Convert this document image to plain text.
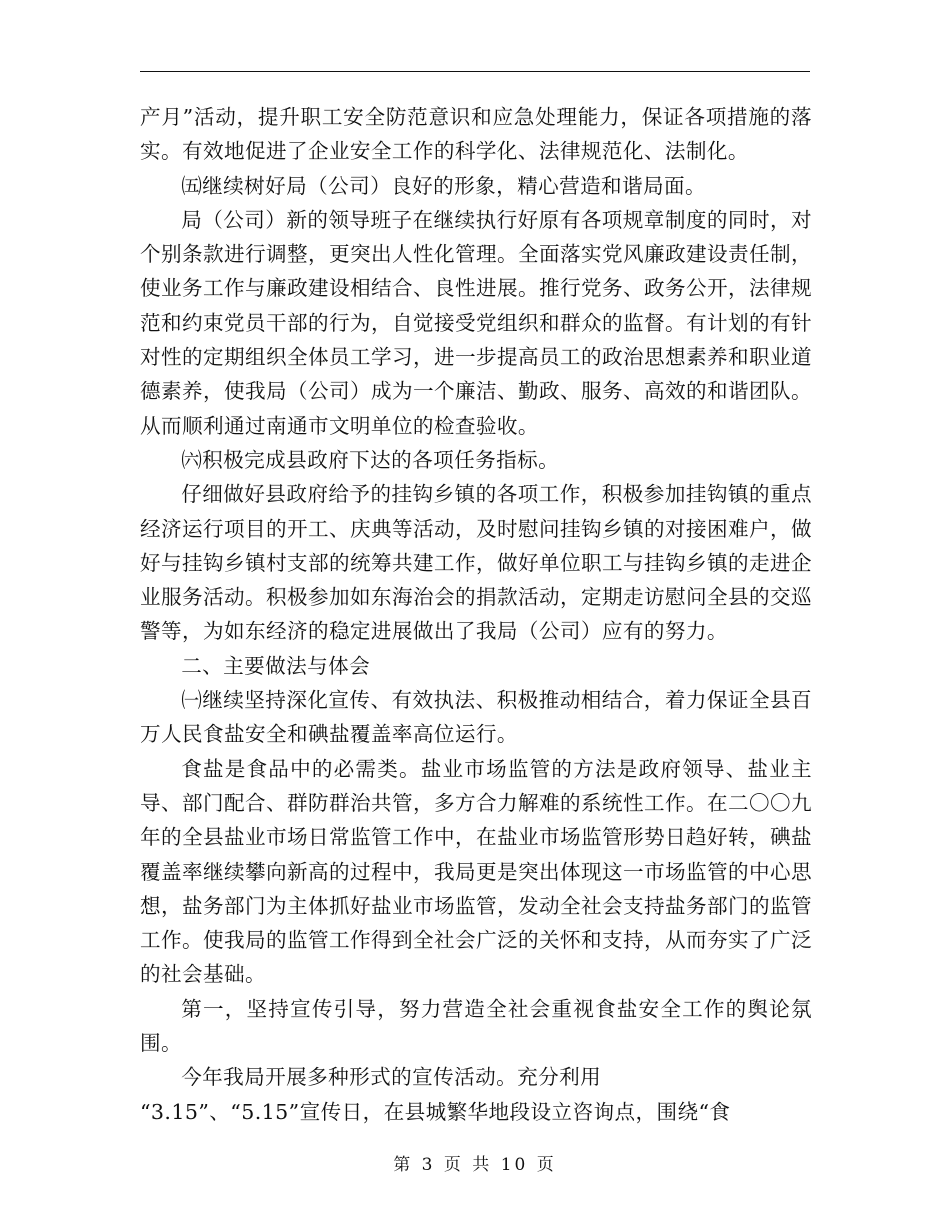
产月”活动，提升职工安全防范意识和应急处理能力，保证各项措施的落实。有效地促进了企业安全工作的科学化、法律规范化、法制化。

㈤继续树好局（公司）良好的形象，精心营造和谐局面。

局（公司）新的领导班子在继续执行好原有各项规章制度的同时，对个别条款进行调整，更突出人性化管理。全面落实党风廉政建设责任制，使业务工作与廉政建设相结合、良性进展。推行党务、政务公开，法律规范和约束党员干部的行为，自觉接受党组织和群众的监督。有计划的有针对性的定期组织全体员工学习，进一步提高员工的政治思想素养和职业道德素养，使我局（公司）成为一个廉洁、勤政、服务、高效的和谐团队。从而顺利通过南通市文明单位的检查验收。

㈥积极完成县政府下达的各项任务指标。

仔细做好县政府给予的挂钩乡镇的各项工作，积极参加挂钩镇的重点经济运行项目的开工、庆典等活动，及时慰问挂钩乡镇的对接困难户，做好与挂钩乡镇村支部的统筹共建工作，做好单位职工与挂钩乡镇的走进企业服务活动。积极参加如东海治会的捐款活动，定期走访慰问全县的交巡警等，为如东经济的稳定进展做出了我局（公司）应有的努力。

二、主要做法与体会

㈠继续坚持深化宣传、有效执法、积极推动相结合，着力保证全县百万人民食盐安全和碘盐覆盖率高位运行。

食盐是食品中的必需类。盐业市场监管的方法是政府领导、盐业主导、部门配合、群防群治共管，多方合力解难的系统性工作。在二〇〇九年的全县盐业市场日常监管工作中，在盐业市场监管形势日趋好转，碘盐覆盖率继续攀向新高的过程中，我局更是突出体现这一市场监管的中心思想，盐务部门为主体抓好盐业市场监管，发动全社会支持盐务部门的监管工作。使我局的监管工作得到全社会广泛的关怀和支持，从而夯实了广泛的社会基础。

第一，坚持宣传引导，努力营造全社会重视食盐安全工作的舆论氛围。

今年我局开展多种形式的宣传活动。充分利用

“3.15”、“5.15”宣传日，在县城繁华地段设立咨询点，围绕“食

第 3 页 共 10 页
